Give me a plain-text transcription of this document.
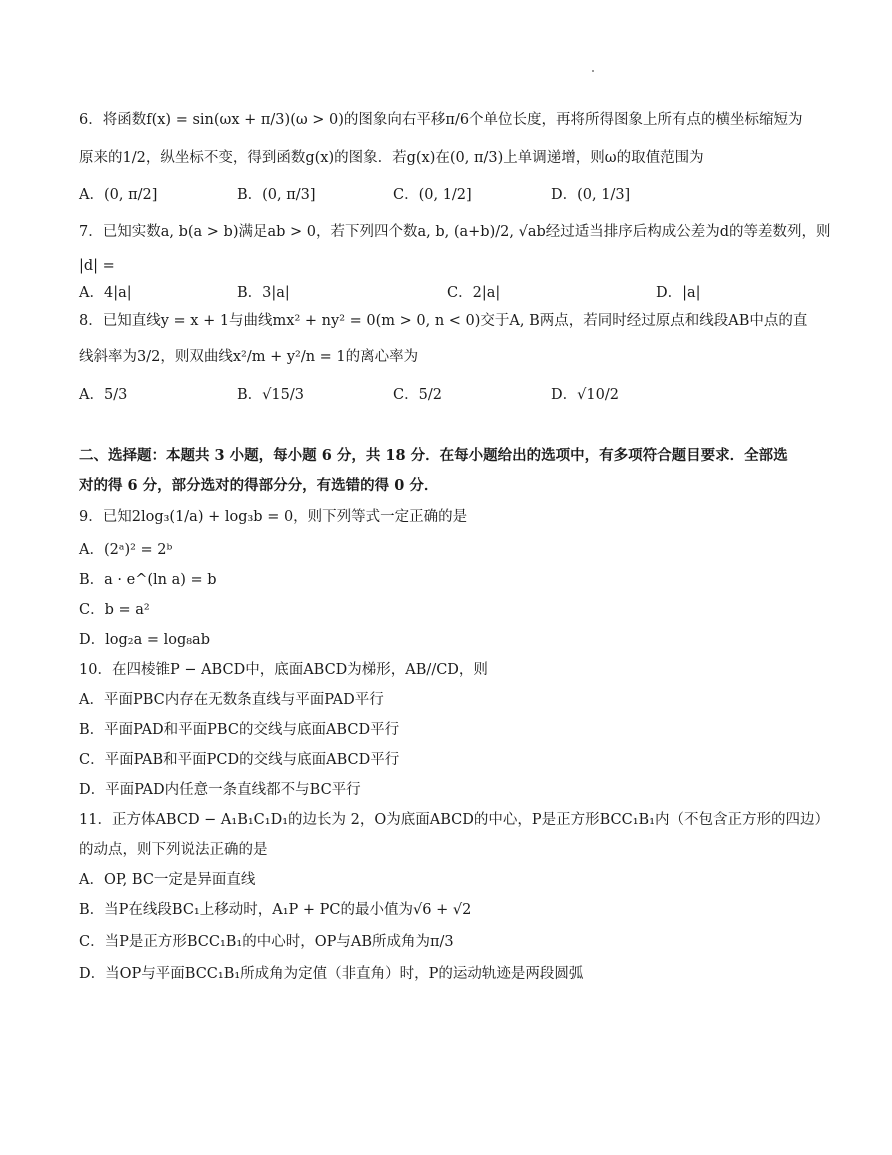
6．将函数f(x) = sin(ωx + π/3)(ω > 0)的图象向右平移π/6个单位长度，再将所得图象上所有点的横坐标缩短为
原来的1/2，纵坐标不变，得到函数g(x)的图象．若g(x)在(0, π/3)上单调递增，则ω的取值范围为
A．(0, π/2]	B．(0, π/3]	C．(0, 1/2]	D．(0, 1/3]
7．已知实数a, b(a > b)满足ab > 0，若下列四个数a, b, (a+b)/2, √ab经过适当排序后构成公差为d的等差数列，则
|d| =
A．4|a|	B．3|a|	C．2|a|	D．|a|
8．已知直线y = x + 1与曲线mx² + ny² = 0(m > 0, n < 0)交于A, B两点，若同时经过原点和线段AB中点的直
线斜率为3/2，则双曲线x²/m + y²/n = 1的离心率为
A．5/3	B．√15/3	C．5/2	D．√10/2
二、选择题：本题共 3 小题，每小题 6 分，共 18 分．在每小题给出的选项中，有多项符合题目要求．全部选
对的得 6 分，部分选对的得部分分，有选错的得 0 分．
9．已知2log₃(1/a) + log₃b = 0，则下列等式一定正确的是
A．(2ᵃ)² = 2ᵇ
B．a · e^(ln a) = b
C．b = a²
D．log₂a = log₈ab
10．在四棱锥P − ABCD中，底面ABCD为梯形，AB//CD，则
A．平面PBC内存在无数条直线与平面PAD平行
B．平面PAD和平面PBC的交线与底面ABCD平行
C．平面PAB和平面PCD的交线与底面ABCD平行
D．平面PAD内任意一条直线都不与BC平行
11．正方体ABCD − A₁B₁C₁D₁的边长为 2，O为底面ABCD的中心，P是正方形BCC₁B₁内（不包含正方形的四边）
的动点，则下列说法正确的是
A．OP, BC一定是异面直线
B．当P在线段BC₁上移动时，A₁P + PC的最小值为√6 + √2
C．当P是正方形BCC₁B₁的中心时，OP与AB所成角为π/3
D．当OP与平面BCC₁B₁所成角为定值（非直角）时，P的运动轨迹是两段圆弧
